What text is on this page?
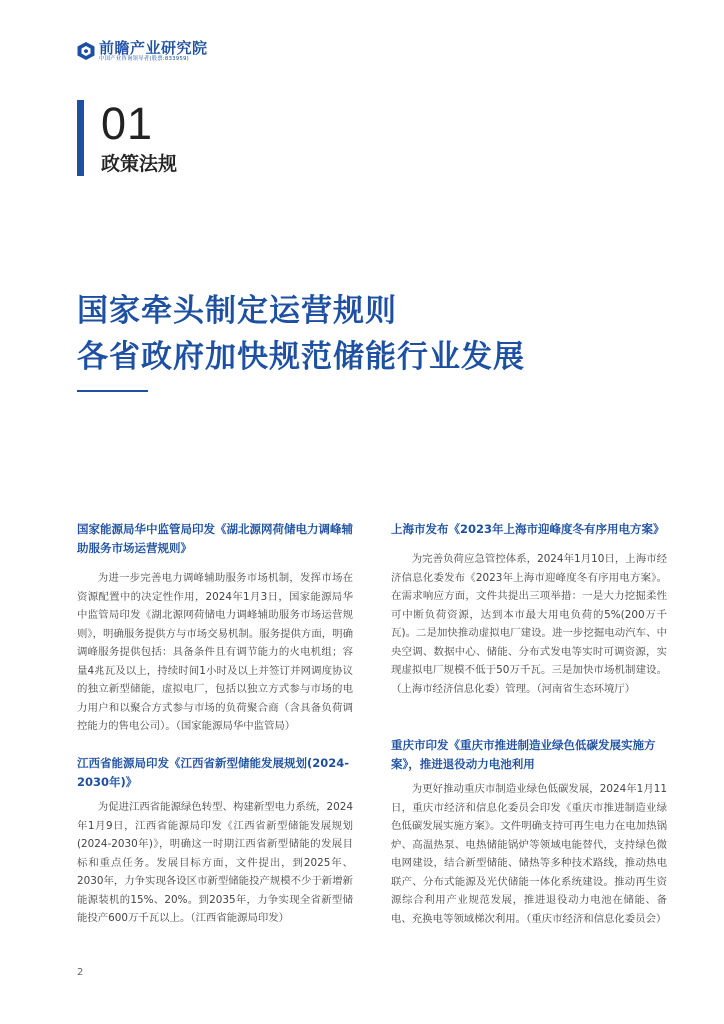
前瞻产业研究院
中国产业咨询领导者(股票:833959)
01
政策法规
国家牵头制定运营规则
各省政府加快规范储能行业发展
国家能源局华中监管局印发《湖北源网荷储电力调峰辅助服务市场运营规则》
为进一步完善电力调峰辅助服务市场机制，发挥市场在资源配置中的决定性作用，2024年1月3日，国家能源局华中监管局印发《湖北源网荷储电力调峰辅助服务市场运营规则》，明确服务提供方与市场交易机制。服务提供方面，明确调峰服务提供包括：具备条件且有调节能力的火电机组；容量4兆瓦及以上，持续时间1小时及以上并签订并网调度协议的独立新型储能，虚拟电厂，包括以独立方式参与市场的电力用户和以聚合方式参与市场的负荷聚合商（含具备负荷调控能力的售电公司）。（国家能源局华中监管局）
江西省能源局印发《江西省新型储能发展规划(2024-2030年)》
为促进江西省能源绿色转型、构建新型电力系统，2024年1月9日，江西省能源局印发《江西省新型储能发展规划(2024-2030年)》，明确这一时期江西省新型储能的发展目标和重点任务。发展目标方面，文件提出，到2025年、2030年，力争实现各设区市新型储能投产规模不少于新增新能源装机的15%、20%。到2035年，力争实现全省新型储能投产600万千瓦以上。（江西省能源局印发）
上海市发布《2023年上海市迎峰度冬有序用电方案》
为完善负荷应急管控体系，2024年1月10日，上海市经济信息化委发布《2023年上海市迎峰度冬有序用电方案》。在需求响应方面，文件共提出三项举措：一是大力挖掘柔性可中断负荷资源，达到本市最大用电负荷的5%(200万千瓦)。二是加快推动虚拟电厂建设。进一步挖掘电动汽车、中央空调、数据中心、储能、分布式发电等实时可调资源，实现虚拟电厂规模不低于50万千瓦。三是加快市场机制建设。（上海市经济信息化委）管理。（河南省生态环境厅）
重庆市印发《重庆市推进制造业绿色低碳发展实施方案》，推进退役动力电池利用
为更好推动重庆市制造业绿色低碳发展，2024年1月11日，重庆市经济和信息化委员会印发《重庆市推进制造业绿色低碳发展实施方案》。文件明确支持可再生电力在电加热锅炉、高温热泵、电热储能锅炉等领域电能替代，支持绿色微电网建设，结合新型储能、储热等多种技术路线，推动热电联产、分布式能源及光伏储能一体化系统建设。推动再生资源综合利用产业规范发展，推进退役动力电池在储能、备电、充换电等领域梯次利用。（重庆市经济和信息化委员会）
2
